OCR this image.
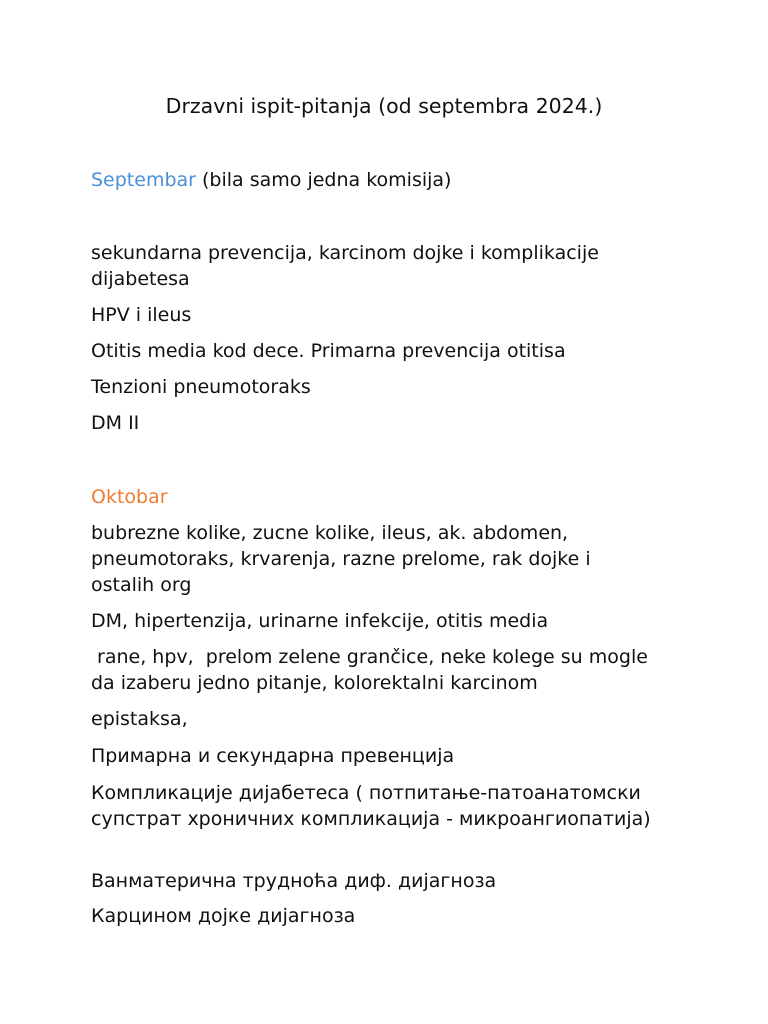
Drzavni ispit-pitanja (od septembra 2024.)
Septembar (bila samo jedna komisija)
sekundarna prevencija, karcinom dojke i komplikacije dijabetesa
HPV i ileus
Otitis media kod dece. Primarna prevencija otitisa
Tenzioni pneumotoraks
DM II
Oktobar
bubrezne kolike, zucne kolike, ileus, ak. abdomen, pneumotoraks, krvarenja, razne prelome, rak dojke i ostalih org
DM, hipertenzija, urinarne infekcije, otitis media
rane, hpv,  prelom zelene grančice, neke kolege su mogle da izaberu jedno pitanje, kolorektalni karcinom
epistaksa,
Примарна и секундарна превенција
Компликације дијабетеса ( потпитање-патоанатомски супстрат хроничних компликација - микроангиопатија)
Ванматерична трудноћа диф. дијагноза
Карцином дојке дијагноза
